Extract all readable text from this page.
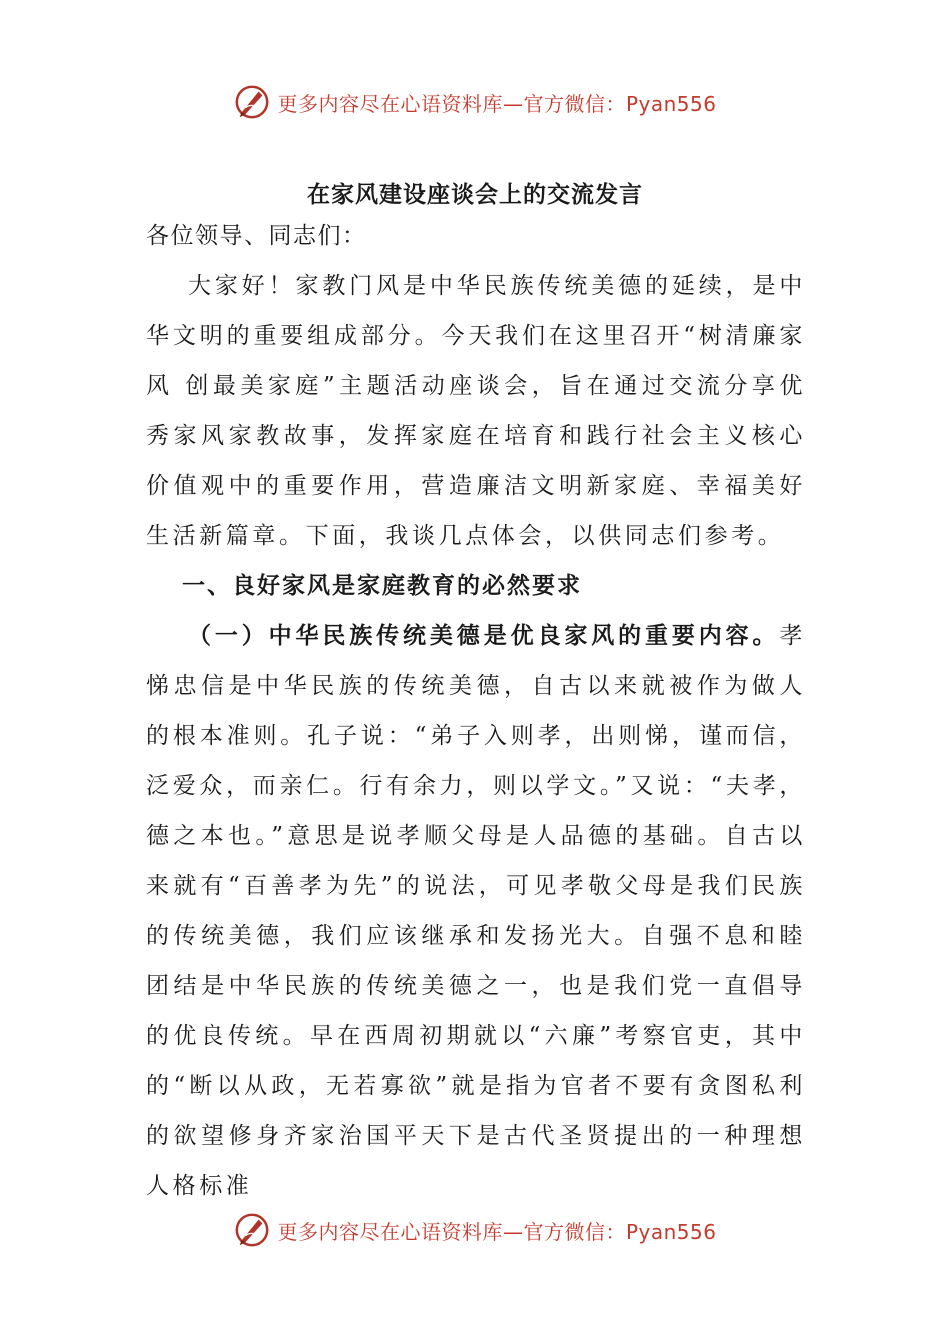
更多内容尽在心语资料库—官方微信：Pyan556
在家风建设座谈会上的交流发言

各位领导、同志们：

大家好！家教门风是中华民族传统美德的延续，是中华文明的重要组成部分。今天我们在这里召开“树清廉家风 创最美家庭”主题活动座谈会，旨在通过交流分享优秀家风家教故事，发挥家庭在培育和践行社会主义核心价值观中的重要作用，营造廉洁文明新家庭、幸福美好生活新篇章。下面，我谈几点体会，以供同志们参考。

一、良好家风是家庭教育的必然要求

（一）中华民族传统美德是优良家风的重要内容。孝悌忠信是中华民族的传统美德，自古以来就被作为做人的根本准则。孔子说：“弟子入则孝，出则悌，谨而信，泛爱众，而亲仁。行有余力，则以学文。”又说：“夫孝，德之本也。”意思是说孝顺父母是人品德的基础。自古以来就有“百善孝为先”的说法，可见孝敬父母是我们民族的传统美德，我们应该继承和发扬光大。自强不息和睦团结是中华民族的传统美德之一，也是我们党一直倡导的优良传统。早在西周初期就以“六廉”考察官吏，其中的“断以从政，无若寡欲”就是指为官者不要有贪图私利的欲望修身齐家治国平天下是古代圣贤提出的一种理想人格标准

更多内容尽在心语资料库—官方微信：Pyan556
